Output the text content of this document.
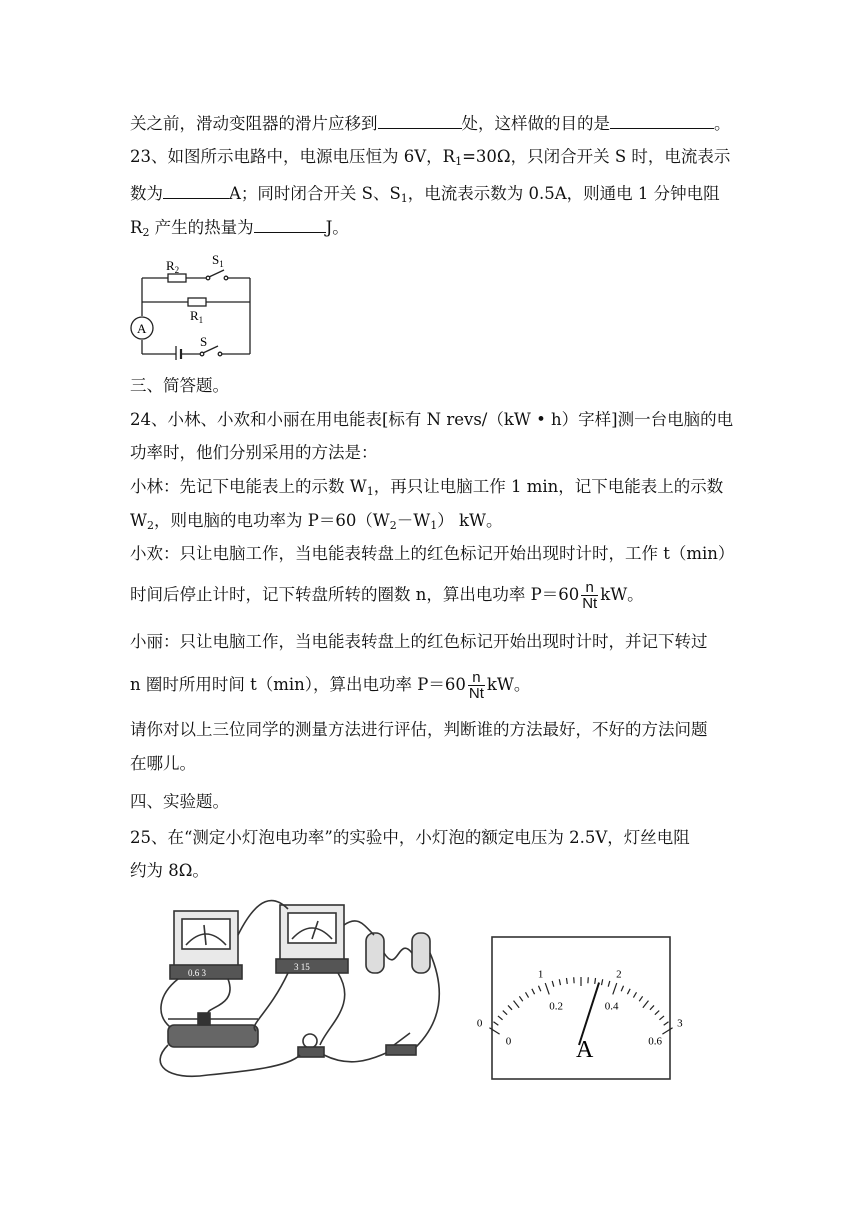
关之前，滑动变阻器的滑片应移到	处，这样做的目的是	。
23、如图所示电路中，电源电压恒为 6V，$R_1=30\Omega$，只闭合开关 S 时，电流表示
数为	A；同时闭合开关 S、$S_1$，电流表示数为 0.5A，则通电 1 分钟电阻
$R_2$ 产生的热量为	J。
$R_2$
$S_1$
$R_1$
A
S
三、简答题。
24、小林、小欢和小丽在用电能表[标有 N revs/（kW • h）字样]测一台电脑的电
功率时，他们分别采用的方法是：
小林：先记下电能表上的示数 $W_1$，再只让电脑工作 1 min，记下电能表上的示数
$W_2$，则电脑的电功率为 $P=60(W_2-W_1)$ kW。
小欢：只让电脑工作，当电能表转盘上的红色标记开始出现时计时，工作 t（min）
时间后停止计时，记下转盘所转的圈数 n，算出电功率 $P=60 \frac{n}{Nt}$ kW。
小丽：只让电脑工作，当电能表转盘上的红色标记开始出现时计时，并记下转过
n 圈时所用时间 t（min），算出电功率 $P=60 \frac{n}{Nt}$ kW。
请你对以上三位同学的测量方法进行评估，判断谁的方法最好，不好的方法问题
在哪儿。
四、实验题。
25、在“测定小灯泡电功率”的实验中，小灯泡的额定电压为 2.5V，灯丝电阻
约为 8Ω。
0.6 3
3 15
0
1	2
3
0
0.2	0.4
0.6
A
